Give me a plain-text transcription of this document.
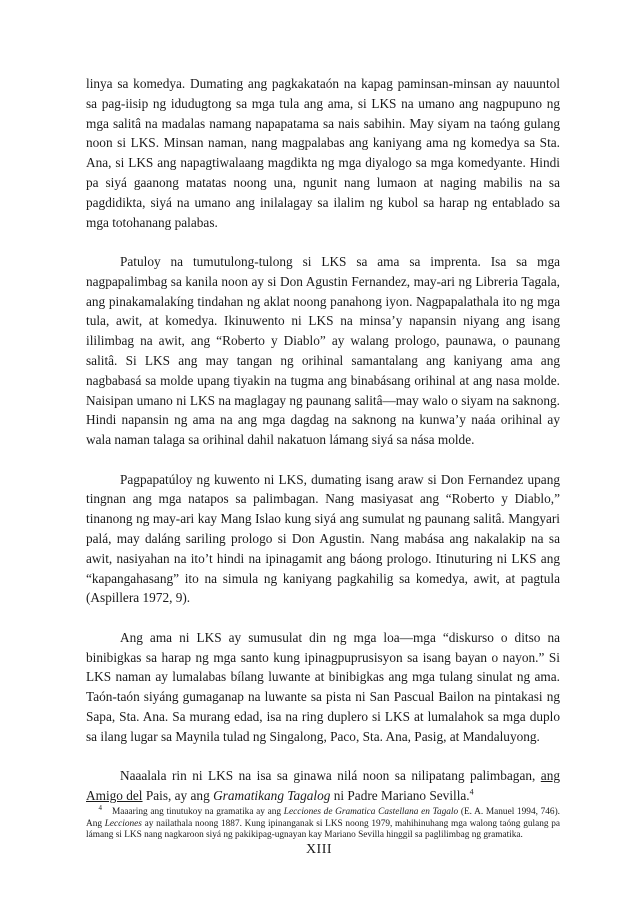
linya sa komedya. Dumating ang pagkakataón na kapag paminsan-minsan ay nauuntol sa pag-iisip ng idudugtong sa mga tula ang ama, si LKS na umano ang nagpupuno ng mga salitâ na madalas namang napapatama sa nais sabihin. May siyam na taóng gulang noon si LKS. Minsan naman, nang magpalabas ang kaniyang ama ng komedya sa Sta. Ana, si LKS ang napagtiwalaang magdikta ng mga diyalogo sa mga komedyante. Hindi pa siyá gaanong matatas noong una, ngunit nang lumaon at naging mabilis na sa pagdidikta, siyá na umano ang inilalagay sa ilalim ng kubol sa harap ng entablado sa mga totohanang palabas.

Patuloy na tumutulong-tulong si LKS sa ama sa imprenta. Isa sa mga nagpapalimbag sa kanila noon ay si Don Agustin Fernandez, may-ari ng Libreria Tagala, ang pinakamalakíng tindahan ng aklat noong panahong iyon. Nagpapalathala ito ng mga tula, awit, at komedya. Ikinuwento ni LKS na minsa’y napansin niyang ang isang ililimbag na awit, ang “Roberto y Diablo” ay walang prologo, paunawa, o paunang salitâ. Si LKS ang may tangan ng orihinal samantalang ang kaniyang ama ang nagbabasá sa molde upang tiyakin na tugma ang binabásang orihinal at ang nasa molde. Naisipan umano ni LKS na maglagay ng paunang salitâ—may walo o siyam na saknong. Hindi napansin ng ama na ang mga dagdag na saknong na kunwa’y naáa orihinal ay wala naman talaga sa orihinal dahil nakatuon lámang siyá sa nása molde.

Pagpapatúloy ng kuwento ni LKS, dumating isang araw si Don Fernandez upang tingnan ang mga natapos sa palimbagan. Nang masiyasat ang “Roberto y Diablo,” tinanong ng may-ari kay Mang Islao kung siyá ang sumulat ng paunang salitâ. Mangyari palá, may daláng sariling prologo si Don Agustin. Nang mabása ang nakalakip na sa awit, nasiyahan na ito’t hindi na ipinagamit ang báong prologo. Itinuturing ni LKS ang “kapangahasang” ito na simula ng kaniyang pagkahilig sa komedya, awit, at pagtula (Aspillera 1972, 9).

Ang ama ni LKS ay sumusulat din ng mga loa—mga “diskurso o ditso na binibigkas sa harap ng mga santo kung ipinagpuprusisyon sa isang bayan o nayon.” Si LKS naman ay lumalabas bílang luwante at binibigkas ang mga tulang sinulat ng ama. Taón-taón siyáng gumaganap na luwante sa pista ni San Pascual Bailon na pintakasi ng Sapa, Sta. Ana. Sa murang edad, isa na ring duplero si LKS at lumalahok sa mga duplo sa ilang lugar sa Maynila tulad ng Singalong, Paco, Sta. Ana, Pasig, at Mandaluyong.

Naaalala rin ni LKS na isa sa ginawa nilá noon sa nilipatang palimbagan, ang Amigo del Pais, ay ang Gramatikang Tagalog ni Padre Mariano Sevilla.$^4$

4 Maaaring ang tinutukoy na gramatika ay ang Lecciones de Gramatica Castellana en Tagalo (E. A. Manuel 1994, 746). Ang Lecciones ay nailathala noong 1887. Kung ipinanganak si LKS noong 1979, mahihinuhang mga walong taóng gulang pa lámang si LKS nang nagkaroon siyá ng pakikipag-ugnayan kay Mariano Sevilla hinggil sa paglilimbag ng gramatika.
XIII
